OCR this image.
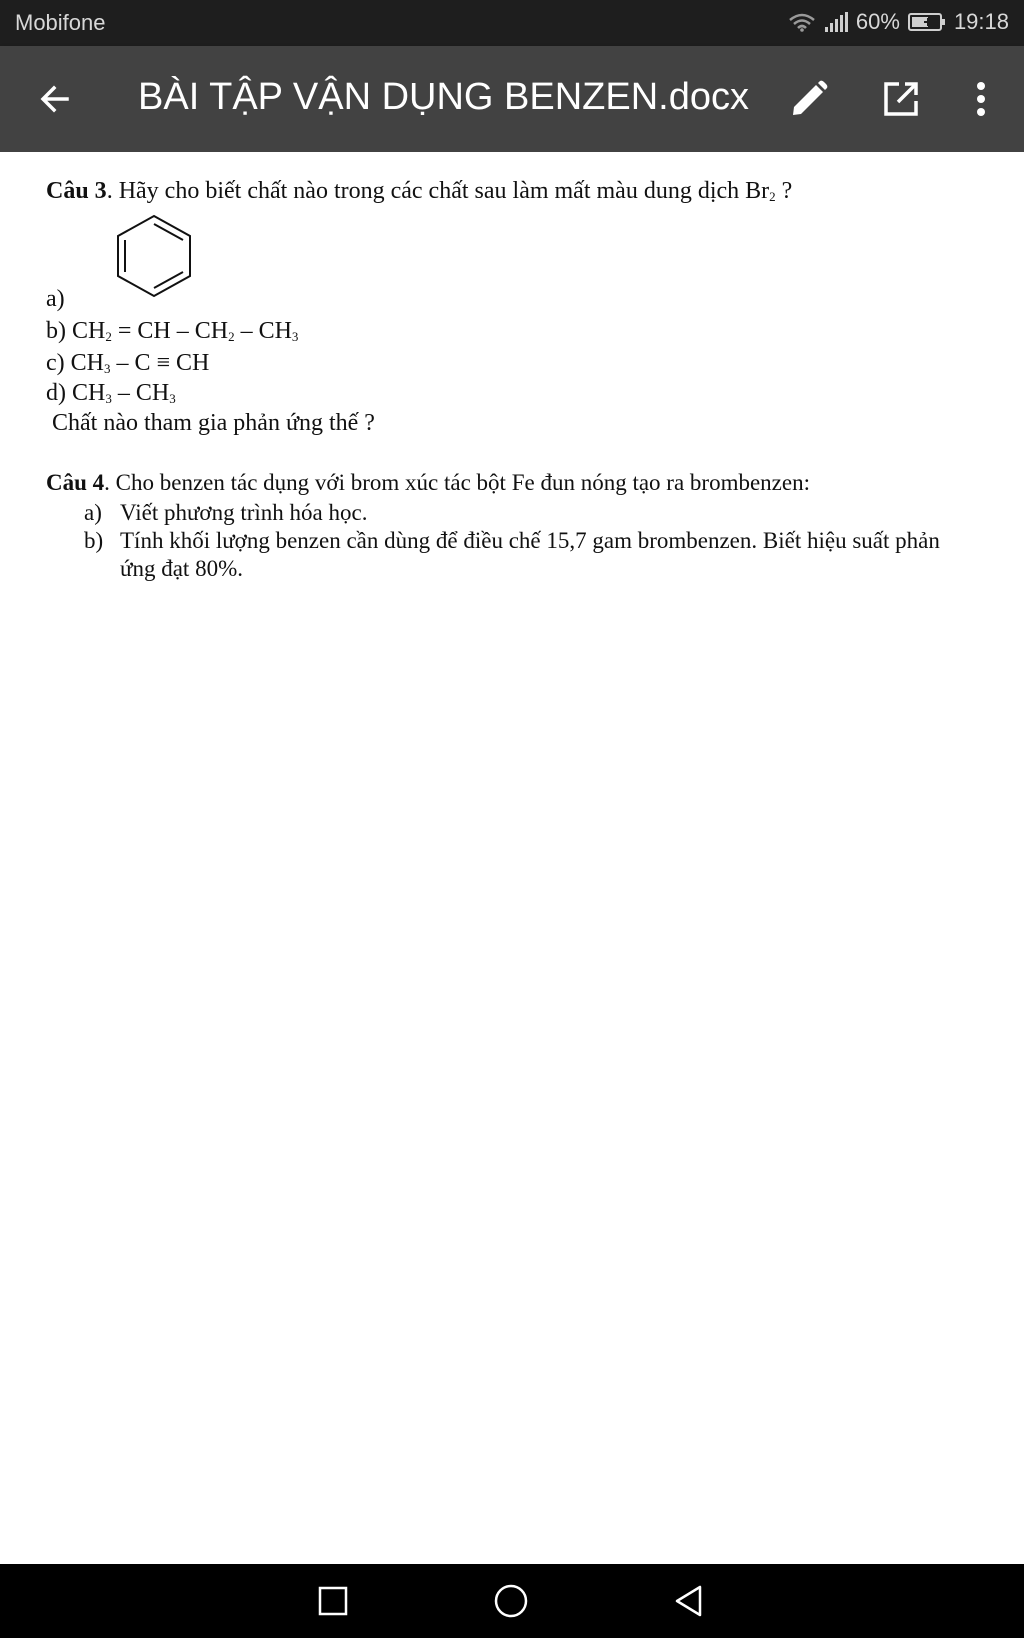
Mobifone	60% 19:18
BÀI TẬP VẬN DỤNG BENZEN.docx
Câu 3. Hãy cho biết chất nào trong các chất sau làm mất màu dung dịch $Br_2$ ?
a)
b) $CH_2$ = CH – $CH_2 - CH_3$
c) $CH_3$ – C ≡ CH
d) $CH_3 - CH_3$
Chất nào tham gia phản ứng thế ?
Câu 4. Cho benzen tác dụng với brom xúc tác bột Fe đun nóng tạo ra brombenzen:
a) Viết phương trình hóa học.
b) Tính khối lượng benzen cần dùng để điều chế 15,7 gam brombenzen. Biết hiệu suất phản
ứng đạt 80%.
